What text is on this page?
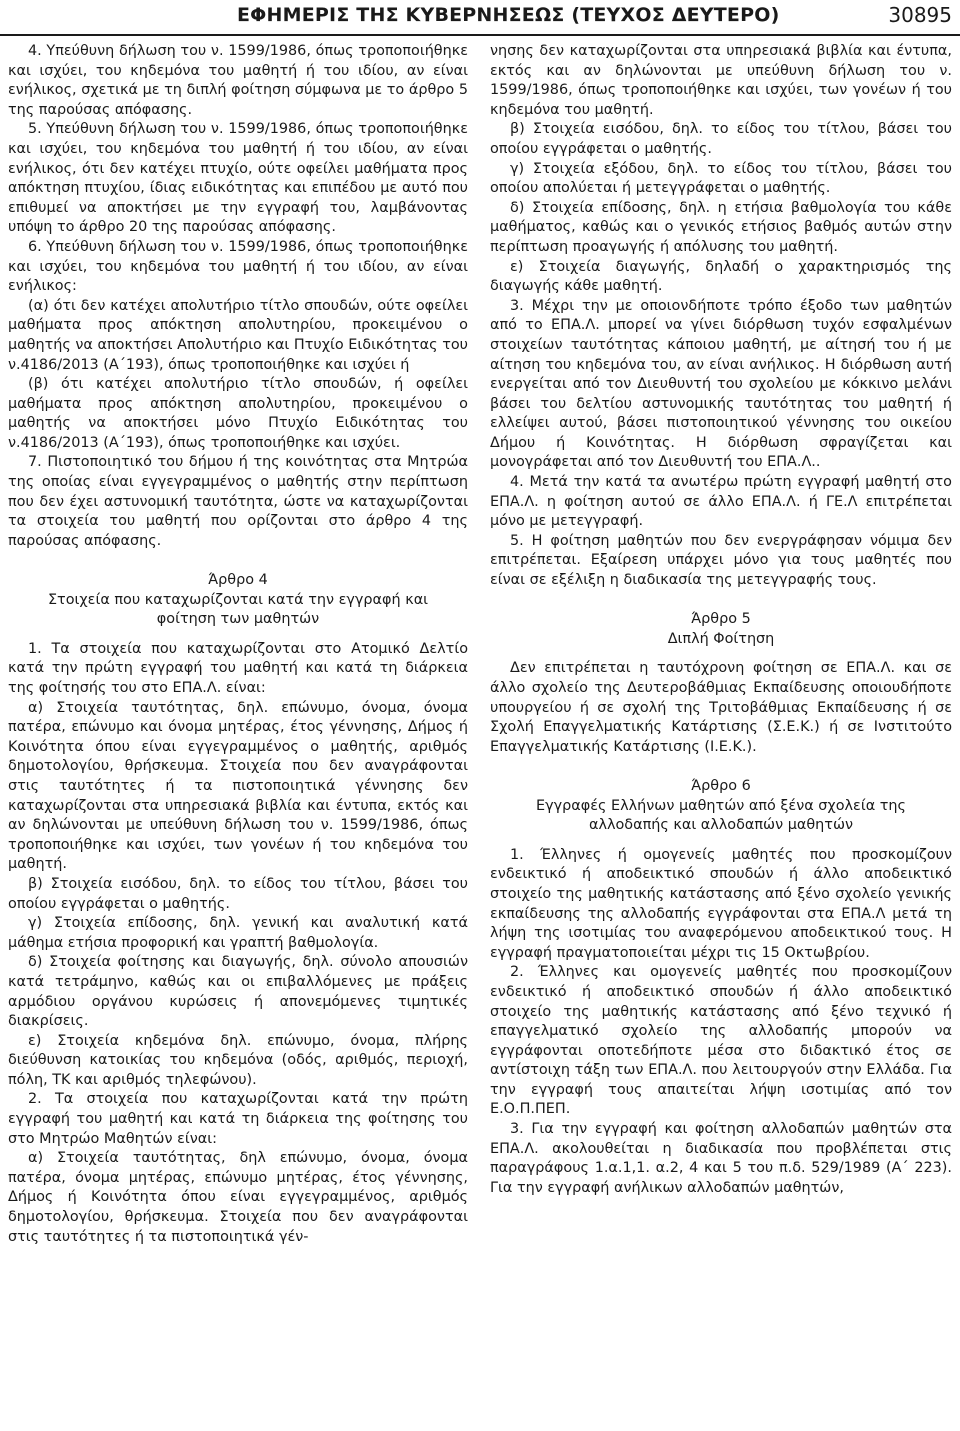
ΕΦΗΜΕΡΙΣ ΤΗΣ ΚΥΒΕΡΝΗΣΕΩΣ (ΤΕΥΧΟΣ ΔΕΥΤΕΡΟ)	30895

4. Υπεύθυνη δήλωση του ν. 1599/1986, όπως τροποποιήθηκε και ισχύει, του κηδεμόνα του μαθητή ή του ιδίου, αν είναι ενήλικος, σχετικά με τη διπλή φοίτηση σύμφωνα με το άρθρο 5 της παρούσας απόφασης.

5. Υπεύθυνη δήλωση του ν. 1599/1986, όπως τροποποιήθηκε και ισχύει, του κηδεμόνα του μαθητή ή του ιδίου, αν είναι ενήλικος, ότι δεν κατέχει πτυχίο, ούτε οφείλει μαθήματα προς απόκτηση πτυχίου, ίδιας ειδικότητας και επιπέδου με αυτό που επιθυμεί να αποκτήσει με την εγγραφή του, λαμβάνοντας υπόψη το άρθρο 20 της παρούσας απόφασης.

6. Υπεύθυνη δήλωση του ν. 1599/1986, όπως τροποποιήθηκε και ισχύει, του κηδεμόνα του μαθητή ή του ιδίου, αν είναι ενήλικος:

(α) ότι δεν κατέχει απολυτήριο τίτλο σπουδών, ούτε οφείλει μαθήματα προς απόκτηση απολυτηρίου, προκειμένου ο μαθητής να αποκτήσει Απολυτήριο και Πτυχίο Ειδικότητας του ν.4186/2013 (Α΄193), όπως τροποποιήθηκε και ισχύει ή

(β) ότι κατέχει απολυτήριο τίτλο σπουδών, ή οφείλει μαθήματα προς απόκτηση απολυτηρίου, προκειμένου ο μαθητής να αποκτήσει μόνο Πτυχίο Ειδικότητας του ν.4186/2013 (Α΄193), όπως τροποποιήθηκε και ισχύει.

7. Πιστοποιητικό του δήμου ή της κοινότητας στα Μητρώα της οποίας είναι εγγεγραμμένος ο μαθητής στην περίπτωση που δεν έχει αστυνομική ταυτότητα, ώστε να καταχωρίζονται τα στοιχεία του μαθητή που ορίζονται στο άρθρο 4 της παρούσας απόφασης.

Άρθρο 4

Στοιχεία που καταχωρίζονται κατά την εγγραφή και

φοίτηση των μαθητών

1. Τα στοιχεία που καταχωρίζονται στο Ατομικό Δελτίο κατά την πρώτη εγγραφή του μαθητή και κατά τη διάρκεια της φοίτησής του στο ΕΠΑ.Λ. είναι:

α) Στοιχεία ταυτότητας, δηλ. επώνυμο, όνομα, όνομα πατέρα, επώνυμο και όνομα μητέρας, έτος γέννησης, Δήμος ή Κοινότητα όπου είναι εγγεγραμμένος ο μαθητής, αριθμός δημοτολογίου, θρήσκευμα. Στοιχεία που δεν αναγράφονται στις ταυτότητες ή τα πιστοποιητικά γέννησης δεν καταχωρίζονται στα υπηρεσιακά βιβλία και έντυπα, εκτός και αν δηλώνονται με υπεύθυνη δήλωση του ν. 1599/1986, όπως τροποποιήθηκε και ισχύει, των γονέων ή του κηδεμόνα του μαθητή.

β) Στοιχεία εισόδου, δηλ. το είδος του τίτλου, βάσει του οποίου εγγράφεται ο μαθητής.

γ) Στοιχεία επίδοσης, δηλ. γενική και αναλυτική κατά μάθημα ετήσια προφορική και γραπτή βαθμολογία.

δ) Στοιχεία φοίτησης και διαγωγής, δηλ. σύνολο απουσιών κατά τετράμηνο, καθώς και οι επιβαλλόμενες με πράξεις αρμόδιου οργάνου κυρώσεις ή απονεμόμενες τιμητικές διακρίσεις.

ε) Στοιχεία κηδεμόνα δηλ. επώνυμο, όνομα, πλήρης διεύθυνση κατοικίας του κηδεμόνα (οδός, αριθμός, περιοχή, πόλη, ΤΚ και αριθμός τηλεφώνου).

2. Τα στοιχεία που καταχωρίζονται κατά την πρώτη εγγραφή του μαθητή και κατά τη διάρκεια της φοίτησης του στο Μητρώο Μαθητών είναι:

α) Στοιχεία ταυτότητας, δηλ επώνυμο, όνομα, όνομα πατέρα, όνομα μητέρας, επώνυμο μητέρας, έτος γέννησης, Δήμος ή Κοινότητα όπου είναι εγγεγραμμένος, αριθμός δημοτολογίου, θρήσκευμα. Στοιχεία που δεν αναγράφονται στις ταυτότητες ή τα πιστοποιητικά γέν-

νησης δεν καταχωρίζονται στα υπηρεσιακά βιβλία και έντυπα, εκτός και αν δηλώνονται με υπεύθυνη δήλωση του ν. 1599/1986, όπως τροποποιήθηκε και ισχύει, των γονέων ή του κηδεμόνα του μαθητή.

β) Στοιχεία εισόδου, δηλ. το είδος του τίτλου, βάσει του οποίου εγγράφεται ο μαθητής.

γ) Στοιχεία εξόδου, δηλ. το είδος του τίτλου, βάσει του οποίου απολύεται ή μετεγγράφεται ο μαθητής.

δ) Στοιχεία επίδοσης, δηλ. η ετήσια βαθμολογία του κάθε μαθήματος, καθώς και ο γενικός ετήσιος βαθμός αυτών στην περίπτωση προαγωγής ή απόλυσης του μαθητή.

ε) Στοιχεία διαγωγής, δηλαδή ο χαρακτηρισμός της διαγωγής κάθε μαθητή.

3. Μέχρι την με οποιονδήποτε τρόπο έξοδο των μαθητών από το ΕΠΑ.Λ. μπορεί να γίνει διόρθωση τυχόν εσφαλμένων στοιχείων ταυτότητας κάποιου μαθητή, με αίτησή του ή με αίτηση του κηδεμόνα του, αν είναι ανήλικος. Η διόρθωση αυτή ενεργείται από τον Διευθυντή του σχολείου με κόκκινο μελάνι βάσει του δελτίου αστυνομικής ταυτότητας του μαθητή ή ελλείψει αυτού, βάσει πιστοποιητικού γέννησης του οικείου Δήμου ή Κοινότητας. Η διόρθωση σφραγίζεται και μονογράφεται από τον Διευθυντή του ΕΠΑ.Λ..

4. Μετά την κατά τα ανωτέρω πρώτη εγγραφή μαθητή στο ΕΠΑ.Λ. η φοίτηση αυτού σε άλλο ΕΠΑ.Λ. ή ΓΕ.Λ επιτρέπεται μόνο με μετεγγραφή.

5. Η φοίτηση μαθητών που δεν ενεργράφησαν νόμιμα δεν επιτρέπεται. Εξαίρεση υπάρχει μόνο για τους μαθητές που είναι σε εξέλιξη η διαδικασία της μετεγγραφής τους.

Άρθρο 5

Διπλή Φοίτηση

Δεν επιτρέπεται η ταυτόχρονη φοίτηση σε ΕΠΑ.Λ. και σε άλλο σχολείο της Δευτεροβάθμιας Εκπαίδευσης οποιουδήποτε υπουργείου ή σε σχολή της Τριτοβάθμιας Εκπαίδευσης ή σε Σχολή Επαγγελματικής Κατάρτισης (Σ.Ε.Κ.) ή σε Ινστιτούτο Επαγγελματικής Κατάρτισης (Ι.Ε.Κ.).

Άρθρο 6

Εγγραφές Ελλήνων μαθητών από ξένα σχολεία της

αλλοδαπής και αλλοδαπών μαθητών

1. Έλληνες ή ομογενείς μαθητές που προσκομίζουν ενδεικτικό ή αποδεικτικό σπουδών ή άλλο αποδεικτικό στοιχείο της μαθητικής κατάστασης από ξένο σχολείο γενικής εκπαίδευσης της αλλοδαπής εγγράφονται στα ΕΠΑ.Λ μετά τη λήψη της ισοτιμίας του αναφερόμενου αποδεικτικού τους. Η εγγραφή πραγματοποιείται μέχρι τις 15 Οκτωβρίου.

2. Έλληνες και ομογενείς μαθητές που προσκομίζουν ενδεικτικό ή αποδεικτικό σπουδών ή άλλο αποδεικτικό στοιχείο της μαθητικής κατάστασης από ξένο τεχνικό ή επαγγελματικό σχολείο της αλλοδαπής μπορούν να εγγράφονται οποτεδήποτε μέσα στο διδακτικό έτος σε αντίστοιχη τάξη των ΕΠΑ.Λ. που λειτουργούν στην Ελλάδα. Για την εγγραφή τους απαιτείται λήψη ισοτιμίας από τον Ε.Ο.Π.ΠΕΠ.

3. Για την εγγραφή και φοίτηση αλλοδαπών μαθητών στα ΕΠΑ.Λ. ακολουθείται η διαδικασία που προβλέπεται στις παραγράφους 1.α.1,1. α.2, 4 και 5 του π.δ. 529/1989 (Α΄ 223). Για την εγγραφή ανήλικων αλλοδαπών μαθητών,
